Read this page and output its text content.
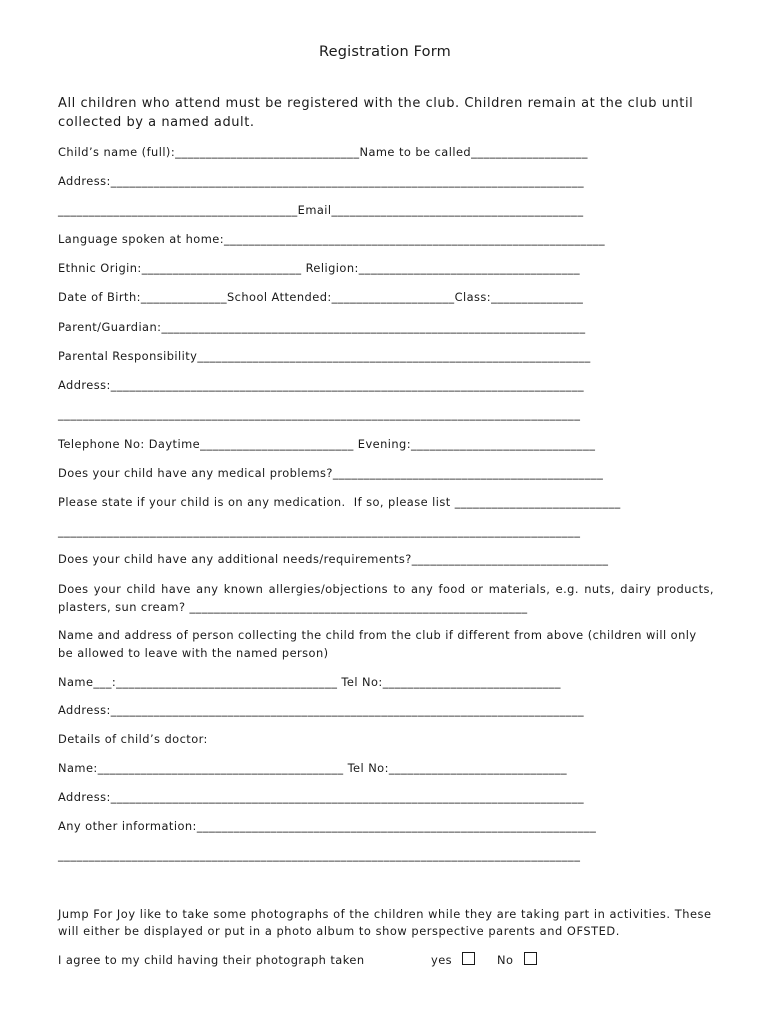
Registration Form
All children who attend must be registered with the club. Children remain at the club until collected by a named adult.
Child’s name (full):______________________________Name to be called___________________
Address:_____________________________________________________________________________
_______________________________________Email_________________________________________
Language spoken at home:______________________________________________________________
Ethnic Origin:__________________________ Religion:____________________________________
Date of Birth:______________School Attended:____________________Class:_______________
Parent/Guardian:_____________________________________________________________________
Parental Responsibility________________________________________________________________
Address:_____________________________________________________________________________
_____________________________________________________________________________________
Telephone No: Daytime_________________________ Evening:______________________________
Does your child have any medical problems?____________________________________________
Please state if your child is on any medication.  If so, please list ___________________________
_____________________________________________________________________________________
Does your child have any additional needs/requirements?________________________________
Does your child have any known allergies/objections to any food or materials, e.g. nuts, dairy products, plasters, sun cream? _______________________________________________________
Name and address of person collecting the child from the club if different from above (children will only be allowed to leave with the named person)
Name___:____________________________________ Tel No:_____________________________
Address:_____________________________________________________________________________
Details of child’s doctor:
Name:________________________________________ Tel No:_____________________________
Address:_____________________________________________________________________________
Any other information:_________________________________________________________________
_____________________________________________________________________________________
Jump For Joy like to take some photographs of the children while they are taking part in activities. These will either be displayed or put in a photo album to show perspective parents and OFSTED.
I agree to my child having their photograph taken	yes	No
